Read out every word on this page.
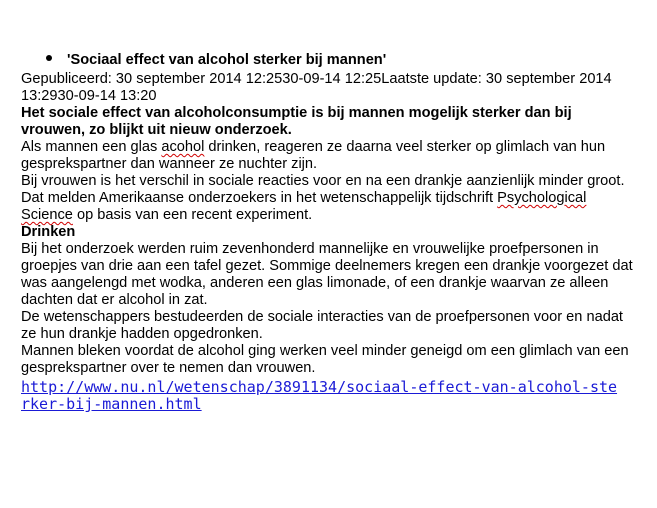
'Sociaal effect van alcohol sterker bij mannen'
Gepubliceerd: 30 september 2014 12:2530-09-14 12:25Laatste update: 30 september 2014
13:2930-09-14 13:20
Het sociale effect van alcoholconsumptie is bij mannen mogelijk sterker dan bij vrouwen, zo blijkt uit nieuw onderzoek.
Als mannen een glas acohol drinken, reageren ze daarna veel sterker op glimlach van hun gesprekspartner dan wanneer ze nuchter zijn.
Bij vrouwen is het verschil in sociale reacties voor en na een drankje aanzienlijk minder groot.
Dat melden Amerikaanse onderzoekers in het wetenschappelijk tijdschrift Psychological Science op basis van een recent experiment.
Drinken
Bij het onderzoek werden ruim zevenhonderd mannelijke en vrouwelijke proefpersonen in groepjes van drie aan een tafel gezet. Sommige deelnemers kregen een drankje voorgezet dat was aangelengd met wodka, anderen een glas limonade, of een drankje waarvan ze alleen dachten dat er alcohol in zat.
De wetenschappers bestudeerden de sociale interacties van de proefpersonen voor en nadat ze hun drankje hadden opgedronken.
Mannen bleken voordat de alcohol ging werken veel minder geneigd om een glimlach van een gesprekspartner over te nemen dan vrouwen.
http://www.nu.nl/wetenschap/3891134/sociaal-effect-van-alcohol-sterker-bij-mannen.html
